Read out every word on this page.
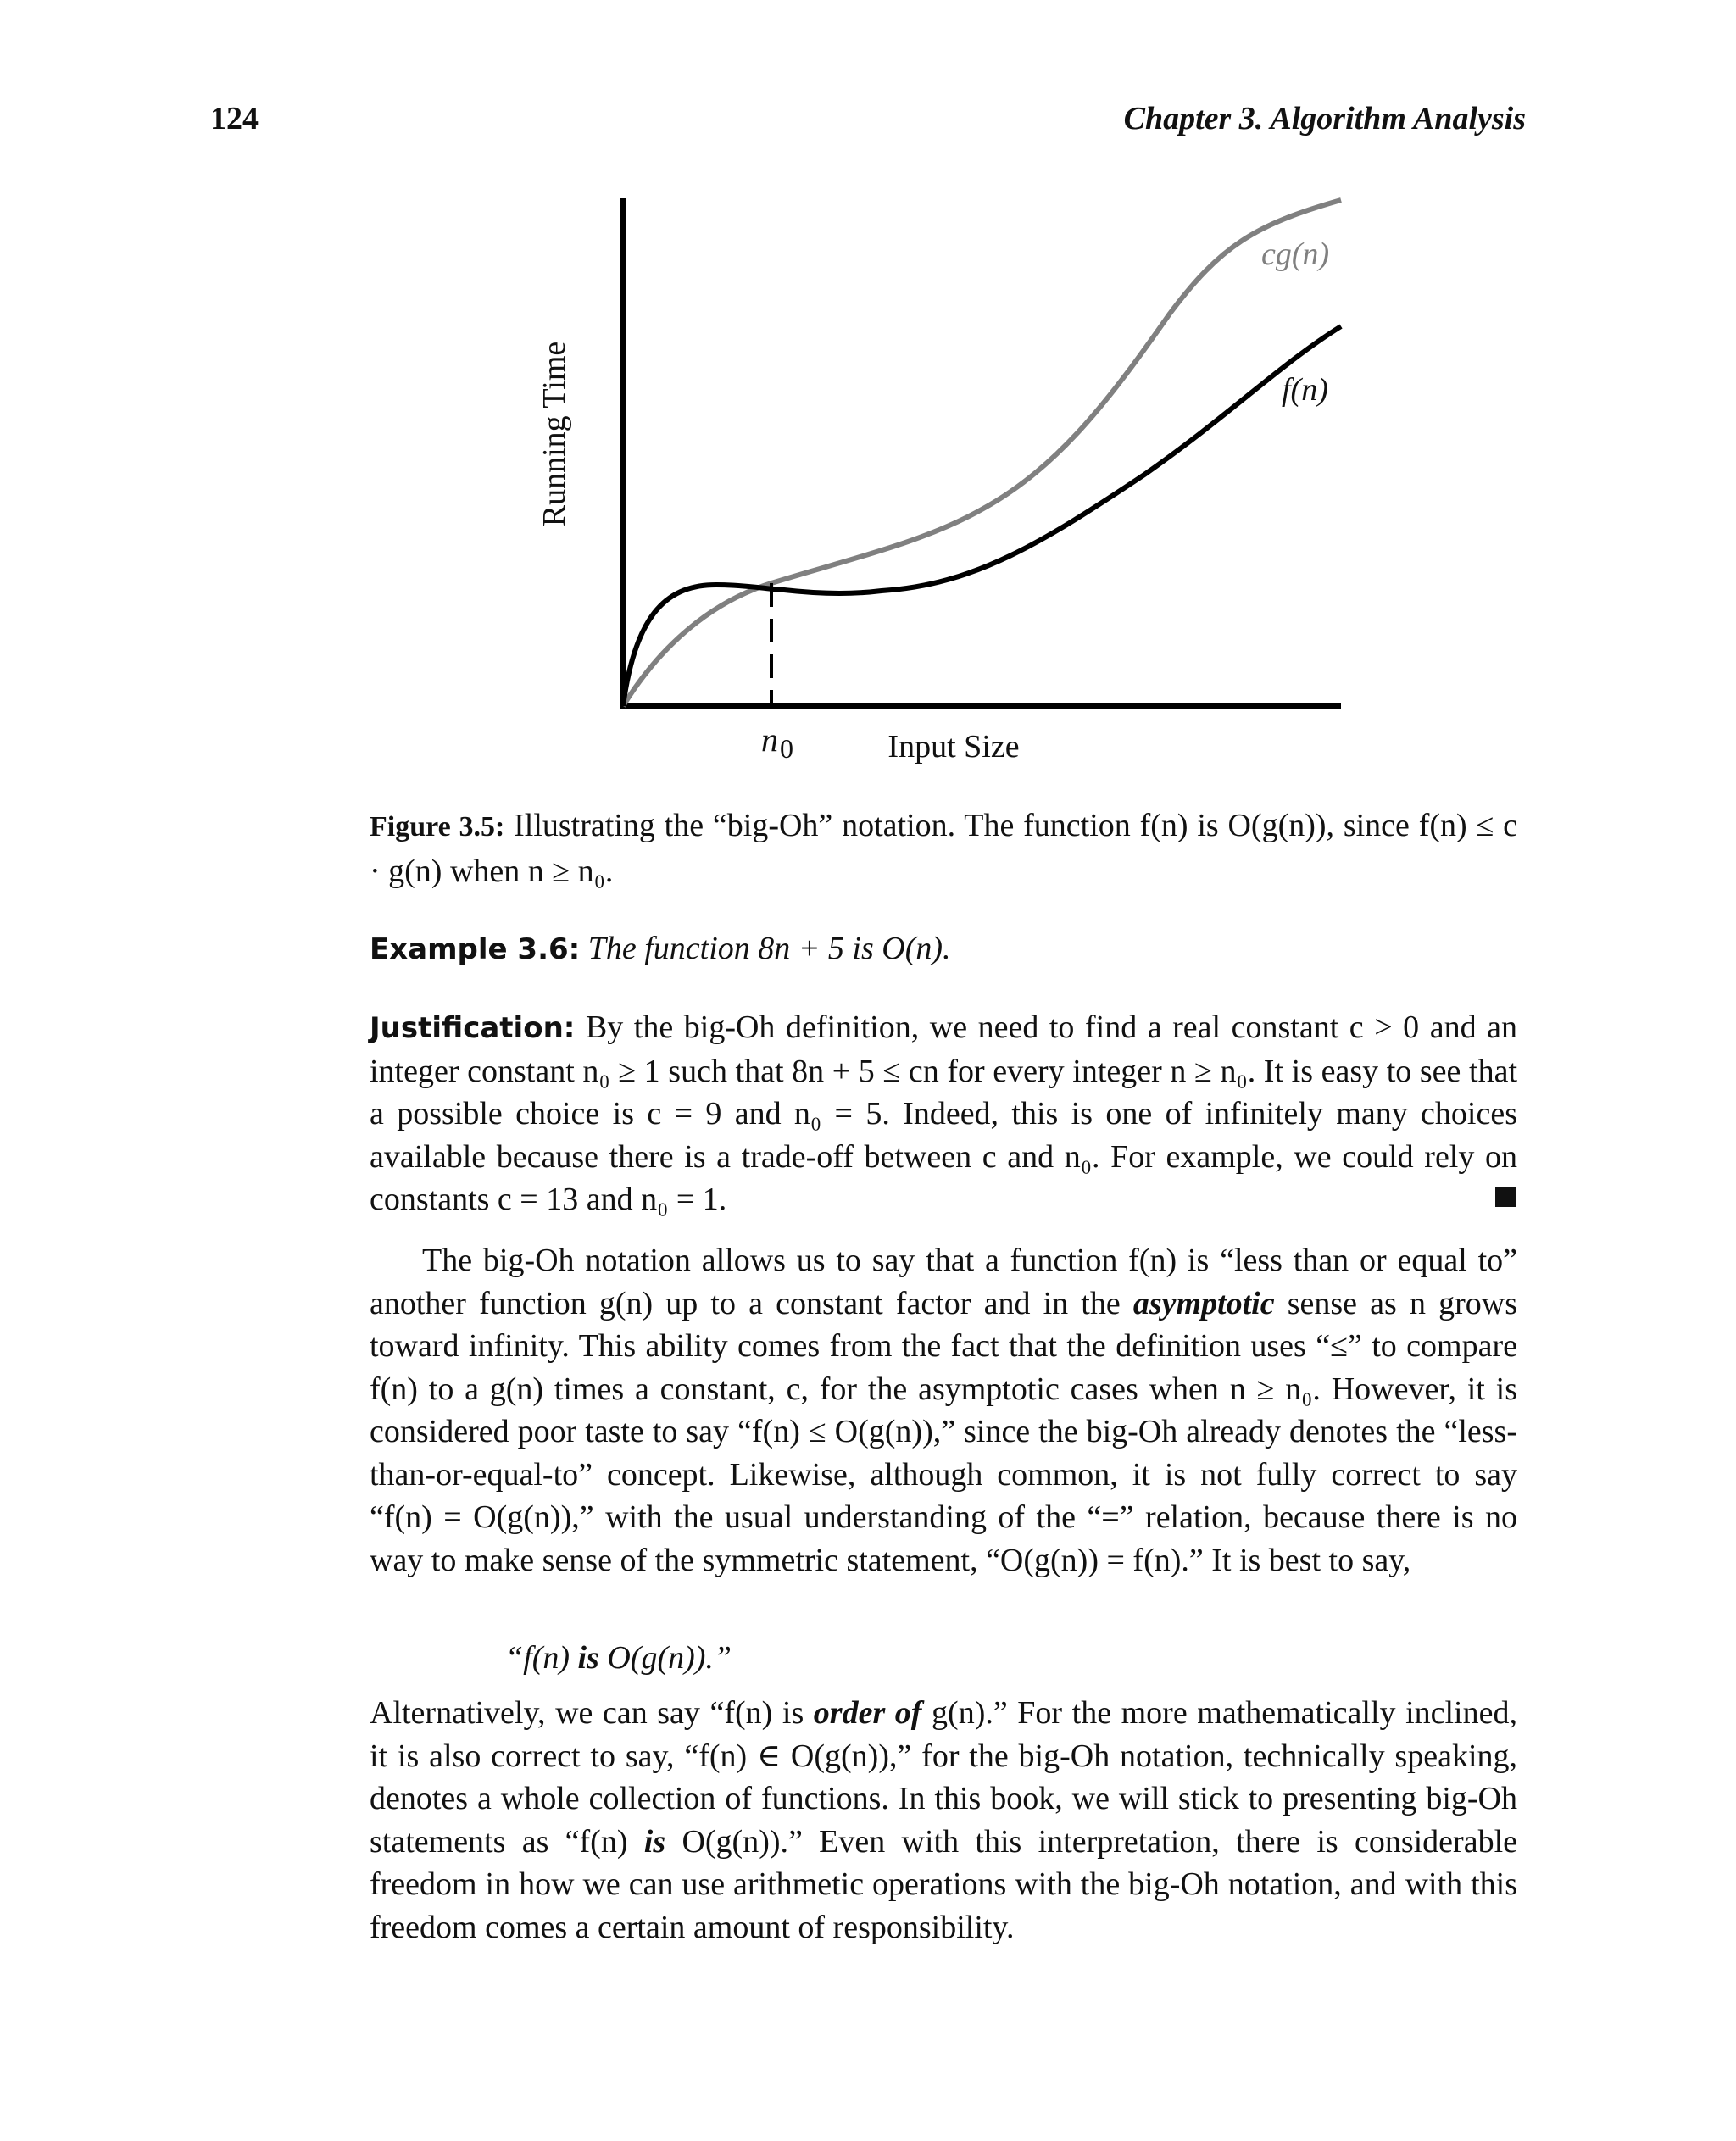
124	Chapter 3. Algorithm Analysis
Running Time
$n_0$	Input Size
cg(n)
f(n)
Figure 3.5: Illustrating the “big-Oh” notation. The function f(n) is O(g(n)), since f(n) ≤ c · g(n) when n ≥ n₀.
Example 3.6: The function 8n + 5 is O(n).
Justification: By the big-Oh definition, we need to find a real constant c > 0 and an integer constant n₀ ≥ 1 such that 8n + 5 ≤ cn for every integer n ≥ n₀. It is easy to see that a possible choice is c = 9 and n₀ = 5. Indeed, this is one of infinitely many choices available because there is a trade-off between c and n₀. For example, we could rely on constants c = 13 and n₀ = 1.
The big-Oh notation allows us to say that a function f(n) is “less than or equal to” another function g(n) up to a constant factor and in the asymptotic sense as n grows toward infinity. This ability comes from the fact that the definition uses “≤” to compare f(n) to a g(n) times a constant, c, for the asymptotic cases when n ≥ n₀. However, it is considered poor taste to say “f(n) ≤ O(g(n)),” since the big-Oh already denotes the “less-than-or-equal-to” concept. Likewise, although common, it is not fully correct to say “f(n) = O(g(n)),” with the usual understanding of the “=” relation, because there is no way to make sense of the symmetric statement, “O(g(n)) = f(n).” It is best to say,
“f(n) is O(g(n)).”
Alternatively, we can say “f(n) is order of g(n).” For the more mathematically inclined, it is also correct to say, “f(n) ∈ O(g(n)),” for the big-Oh notation, technically speaking, denotes a whole collection of functions. In this book, we will stick to presenting big-Oh statements as “f(n) is O(g(n)).” Even with this interpretation, there is considerable freedom in how we can use arithmetic operations with the big-Oh notation, and with this freedom comes a certain amount of responsibility.
